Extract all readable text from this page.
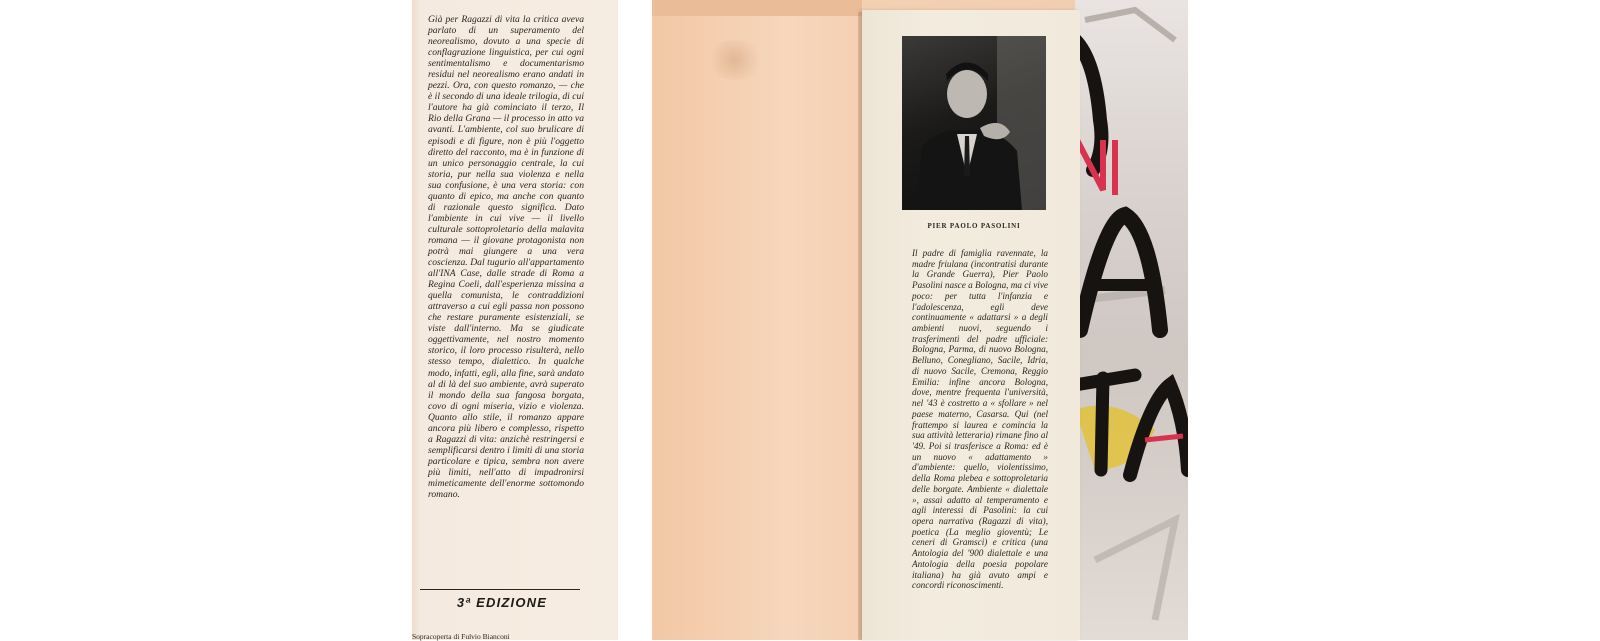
Già per Ragazzi di vita la critica aveva parlato di un superamento del neorealismo, dovuto a una specie di conflagrazione linguistica, per cui ogni sentimentalismo e documentarismo residui nel neorealismo erano andati in pezzi. Ora, con questo romanzo, — che è il secondo di una ideale trilogia, di cui l'autore ha già cominciato il terzo, Il Rio della Grana — il processo in atto va avanti. L'ambiente, col suo brulicare di episodi e di figure, non è più l'oggetto diretto del racconto, ma è in funzione di un unico personaggio centrale, la cui storia, pur nella sua violenza e nella sua confusione, è una vera storia: con quanto di epico, ma anche con quanto di razionale questo significa. Dato l'ambiente in cui vive — il livello culturale sottoproletario della malavita romana — il giovane protagonista non potrà mai giungere a una vera coscienza. Dal tugurio all'appartamento all'INA Case, dalle strade di Roma a Regina Coeli, dall'esperienza missina a quella comunista, le contraddizioni attraverso a cui egli passa non possono che restare puramente esistenziali, se viste dall'interno. Ma se giudicate oggettivamente, nel nostro momento storico, il loro processo risulterà, nello stesso tempo, dialettico. In qualche modo, infatti, egli, alla fine, sarà andato al di là del suo ambiente, avrà superato il mondo della sua fangosa borgata, covo di ogni miseria, vizio e violenza. Quanto allo stile, il romanzo appare ancora più libero e complesso, rispetto a Ragazzi di vita: anzichè restringersi e semplificarsi dentro i limiti di una storia particolare e tipica, sembra non avere più limiti, nell'atto di impadronirsi mimeticamente dell'enorme sottomondo romano.
3ª EDIZIONE
Sopracoperta di Fulvio Bianconi
PIER PAOLO PASOLINI
Il padre di famiglia ravennate, la madre friulana (incontratisi durante la Grande Guerra), Pier Paolo Pasolini nasce a Bologna, ma ci vive poco: per tutta l'infanzia e l'adolescenza, egli deve continuamente « adattarsi » a degli ambienti nuovi, seguendo i trasferimenti del padre ufficiale: Bologna, Parma, di nuovo Bologna, Belluno, Conegliano, Sacile, Idria, di nuovo Sacile, Cremona, Reggio Emilia: infine ancora Bologna, dove, mentre frequenta l'università, nel '43 è costretto a « sfollare » nel paese materno, Casarsa. Qui (nel frattempo si laurea e comincia la sua attività letteraria) rimane fino al '49. Poi si trasferisce a Roma: ed è un nuovo « adattamento » d'ambiente: quello, violentissimo, della Roma plebea e sottoproletaria delle borgate. Ambiente « dialettale », assai adatto al temperamento e agli interessi di Pasolini: la cui opera narrativa (Ragazzi di vita), poetica (La meglio gioventù; Le ceneri di Gramsci) e critica (una Antologia del '900 dialettale e una Antologia della poesia popolare italiana) ha già avuto ampi e concordi riconoscimenti.
